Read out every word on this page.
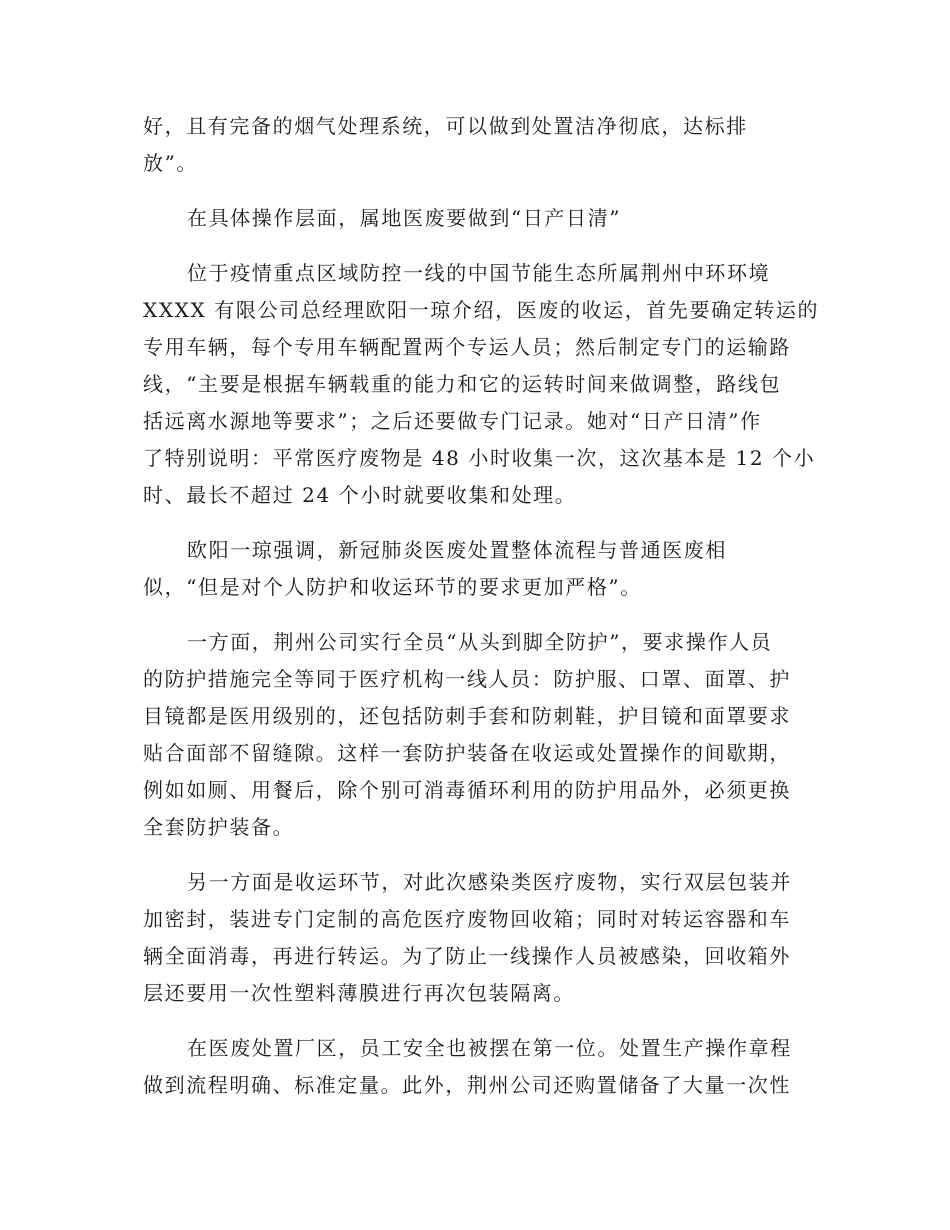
好，且有完备的烟气处理系统，可以做到处置洁净彻底，达标排
放”。

在具体操作层面，属地医废要做到“日产日清”

位于疫情重点区域防控一线的中国节能生态所属荆州中环环境
XXXX 有限公司总经理欧阳一琼介绍，医废的收运，首先要确定转运的
专用车辆，每个专用车辆配置两个专运人员；然后制定专门的运输路
线，“主要是根据车辆载重的能力和它的运转时间来做调整，路线包
括远离水源地等要求”；之后还要做专门记录。她对“日产日清”作
了特别说明：平常医疗废物是 48 小时收集一次，这次基本是 12 个小
时、最长不超过 24 个小时就要收集和处理。

欧阳一琼强调，新冠肺炎医废处置整体流程与普通医废相
似，“但是对个人防护和收运环节的要求更加严格”。

一方面，荆州公司实行全员“从头到脚全防护”，要求操作人员
的防护措施完全等同于医疗机构一线人员：防护服、口罩、面罩、护
目镜都是医用级别的，还包括防刺手套和防刺鞋，护目镜和面罩要求
贴合面部不留缝隙。这样一套防护装备在收运或处置操作的间歇期，
例如如厕、用餐后，除个别可消毒循环利用的防护用品外，必须更换
全套防护装备。

另一方面是收运环节，对此次感染类医疗废物，实行双层包装并
加密封，装进专门定制的高危医疗废物回收箱；同时对转运容器和车
辆全面消毒，再进行转运。为了防止一线操作人员被感染，回收箱外
层还要用一次性塑料薄膜进行再次包装隔离。

在医废处置厂区，员工安全也被摆在第一位。处置生产操作章程
做到流程明确、标准定量。此外，荆州公司还购置储备了大量一次性
